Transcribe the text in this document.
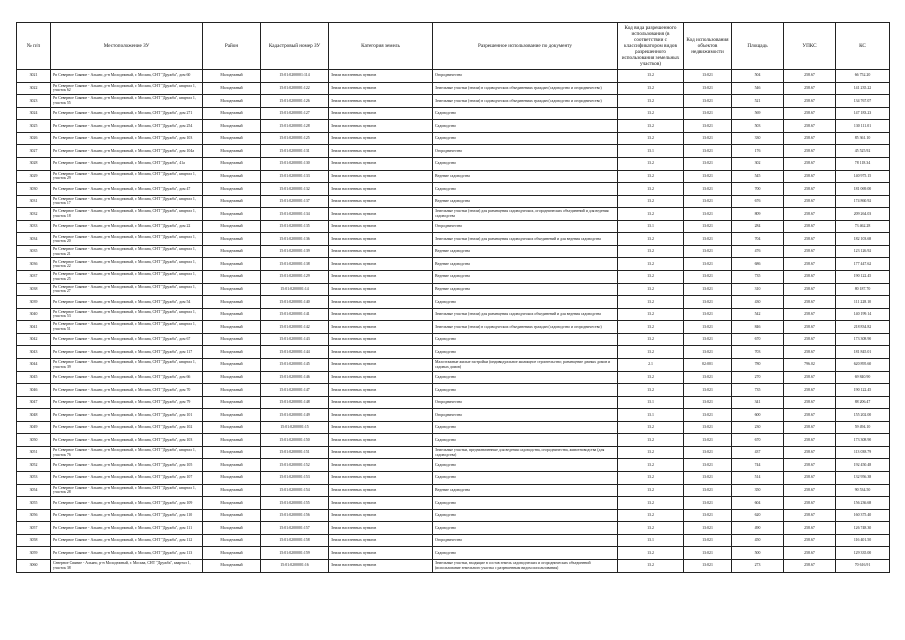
№ п/п	Местоположение ЗУ	Район	Кадастровый номер ЗУ	Категория земель	Разрешенное использование по документу	Код вида разрешенного использования (в соответствии с классификатором видов разрешенного использования земельных участков)	Код использования объектов недвижимости	Площадь	УПКС	КС
3021	Рп Северное Сияние - Альянс, р-н Молодежный, г. Москва, СНТ "Дружба", дом 60	Молодежный	15:01:0200001:114	Земли населенных пунктов	Огородничество	13.2	13:021	504	258.67	66 752.20
3022	Рп Северное Сияние - Альянс, р-н Молодежный, г. Москва, СНТ "Дружба", квартал 1, участок 62	Молодежный	15:01:0200001:122	Земли населенных пунктов	Земельные участки (земли) в садоводческих объединениях граждан (садоводство и огородничество)	13.2	13:021	546	258.67	141 235.22
3023	Рп Северное Сияние - Альянс, р-н Молодежный, г. Москва, СНТ "Дружба", квартал 1, участок 55	Молодежный	15:01:0200001:126	Земли населенных пунктов	Земельные участки (земли) в садоводческих объединениях граждан (садоводство и огородничество)	13.2	13:021	521	258.67	134 767.07
3024	Рп Северное Сияние - Альянс, р-н Молодежный, г. Москва, СНТ "Дружба", дом 271	Молодежный	15:01:0200001:127	Земли населенных пунктов	Садоводство	13.2	13:021	569	258.67	147 183.23
3025	Рп Северное Сияние - Альянс, р-н Молодежный, г. Москва, СНТ "Дружба", дом 254	Молодежный	15:01:0200001:128	Земли населенных пунктов	Садоводство	13.2	13:021	503	258.67	130 111.01
3026	Рп Северное Сияние - Альянс, р-н Молодежный, г. Москва, СНТ "Дружба", дом 103	Молодежный	15:01:0200001:125	Земли населенных пунктов	Садоводство	13.2	13:021	330	258.67	85 361.10
3027	Рп Северное Сияние - Альянс, р-н Молодежный, г. Москва, СНТ "Дружба", дом 104а	Молодежный	15:01:0200001:131	Земли населенных пунктов	Огородничество	13.1	13:021	176	258.67	45 525.92
3028	Рп Северное Сияние - Альянс, р-н Молодежный, г. Москва, СНТ "Дружба", 41а	Молодежный	15:01:0200001:130	Земли населенных пунктов	Садоводство	13.2	13:021	302	258.67	78 118.34
3029	Рп Северное Сияние - Альянс, р-н Молодежный, г. Москва, СНТ "Дружба", квартал 1, участок 29	Молодежный	15:01:0200001:133	Земли населенных пунктов	Ведение садоводства	13.2	13:021	545	258.67	140 975.15
3030	Рп Северное Сияние - Альянс, р-н Молодежный, г. Москва, СНТ "Дружба", дом 47	Молодежный	15:01:0200001:132	Земли населенных пунктов	Садоводство	13.2	13:021	700	258.67	181 069.00
3031	Рп Северное Сияние - Альянс, р-н Молодежный, г. Москва, СНТ "Дружба", квартал 1, участок 17	Молодежный	15:01:0200001:137	Земли населенных пунктов	Ведение садоводства	13.2	13:021	676	258.67	174 860.92
3032	Рп Северное Сияние - Альянс, р-н Молодежный, г. Москва, СНТ "Дружба", квартал 1, участок 18	Молодежный	15:01:0200001:134	Земли населенных пунктов	Земельные участки (земли) для размещения садоводческих, огороднических объединений и для ведения садоводства	13.2	13:021	809	258.67	209 264.03
3033	Рп Северное Сияние - Альянс, р-н Молодежный, г. Москва, СНТ "Дружба", дом 22	Молодежный	15:01:0200001:135	Земли населенных пунктов	Огородничество	13.1	13:021	284	258.67	73 462.28
3034	Рп Северное Сияние - Альянс, р-н Молодежный, г. Москва, СНТ "Дружба", квартал 1, участок 20	Молодежный	15:01:0200001:136	Земли населенных пунктов	Земельные участки (земли) для размещения садоводческих объединений и для ведения садоводства	13.2	13:021	704	258.67	182 103.68
3035	Рп Северное Сияние - Альянс, р-н Молодежный, г. Москва, СНТ "Дружба", квартал 1, участок 21	Молодежный	15:01:0200001:139	Земли населенных пунктов	Ведение садоводства	13.2	13:021	476	258.67	123 126.92
3036	Рп Северное Сияние - Альянс, р-н Молодежный, г. Москва, СНТ "Дружба", квартал 1, участок 22	Молодежный	15:01:0200001:138	Земли населенных пунктов	Ведение садоводства	13.2	13:021	686	258.67	177 447.62
3037	Рп Северное Сияние - Альянс, р-н Молодежный, г. Москва, СНТ "Дружба", квартал 1, участок 25	Молодежный	15:01:0200001:129	Земли населенных пунктов	Ведение садоводства	13.2	13:021	735	258.67	190 122.45
3038	Рп Северное Сияние - Альянс, р-н Молодежный, г. Москва, СНТ "Дружба", квартал 1, участок 27	Молодежный	15:01:0200001:14	Земли населенных пунктов	Ведение садоводства	13.2	13:021	310	258.67	80 187.70
3039	Рп Северное Сияние - Альянс, р-н Молодежный, г. Москва, СНТ "Дружба", дом 54	Молодежный	15:01:0200001:140	Земли населенных пунктов	Садоводство	13.2	13:021	430	258.67	111 228.10
3040	Рп Северное Сияние - Альянс, р-н Молодежный, г. Москва, СНТ "Дружба", квартал 1, участок 53	Молодежный	15:01:0200001:141	Земли населенных пунктов	Земельные участки (земли) для размещения садоводческих объединений и для ведения садоводства	13.2	13:021	542	258.67	140 199.14
3041	Рп Северное Сияние - Альянс, р-н Молодежный, г. Москва, СНТ "Дружба", квартал 1, участок 51	Молодежный	15:01:0200001:142	Земли населенных пунктов	Земельные участки (земли) в садоводческих объединениях граждан (садоводство и огородничество)	13.2	13:021	846	258.67	218 834.82
3042	Рп Северное Сияние - Альянс, р-н Молодежный, г. Москва, СНТ "Дружба", дом 67	Молодежный	15:01:0200001:143	Земли населенных пунктов	Садоводство	13.2	13:021	670	258.67	173 308.90
3043	Рп Северное Сияние - Альянс, р-н Молодежный, г. Москва, СНТ "Дружба", дом 117	Молодежный	15:01:0200001:144	Земли населенных пунктов	Садоводство	13.2	13:021	703	258.67	181 845.01
3044	Рп Северное Сияние - Альянс, р-н Молодежный, г. Москва, СНТ "Дружба", квартал 1, участок 39	Молодежный	15:01:0200001:145	Земли населенных пунктов	Малоэтажные жилые застройки (индивидуальное жилищное строительство; размещение дачных домов и садовых домов)	2.1	02:001	780	796.02	620 895.60
3045	Рп Северное Сияние - Альянс, р-н Молодежный, г. Москва, СНТ "Дружба", дом 66	Молодежный	15:01:0200001:146	Земли населенных пунктов	Садоводство	13.2	13:021	270	258.67	69 840.90
3046	Рп Северное Сияние - Альянс, р-н Молодежный, г. Москва, СНТ "Дружба", дом 70	Молодежный	15:01:0200001:147	Земли населенных пунктов	Садоводство	13.2	13:021	735	258.67	190 122.45
3047	Рп Северное Сияние - Альянс, р-н Молодежный, г. Москва, СНТ "Дружба", дом 79	Молодежный	15:01:0200001:148	Земли населенных пунктов	Огородничество	13.1	13:021	341	258.67	88 206.47
3048	Рп Северное Сияние - Альянс, р-н Молодежный, г. Москва, СНТ "Дружба", дом 101	Молодежный	15:01:0200001:149	Земли населенных пунктов	Огородничество	13.1	13:021	600	258.67	155 202.00
3049	Рп Северное Сияние - Альянс, р-н Молодежный, г. Москва, СНТ "Дружба", дом 102	Молодежный	15:01:0200001:15	Земли населенных пунктов	Садоводство	13.2	13:021	230	258.67	59 494.10
3050	Рп Северное Сияние - Альянс, р-н Молодежный, г. Москва, СНТ "Дружба", дом 103	Молодежный	15:01:0200001:150	Земли населенных пунктов	Садоводство	13.2	13:021	670	258.67	173 308.90
3051	Рп Северное Сияние - Альянс, р-н Молодежный, г. Москва, СНТ "Дружба", квартал 1, участок 76	Молодежный	15:01:0200001:151	Земли населенных пунктов	Земельные участки, предназначенные для ведения садоводства, огородничества, животноводства (для садоводства)	13.2	13:021	437	258.67	113 038.79
3052	Рп Северное Сияние - Альянс, р-н Молодежный, г. Москва, СНТ "Дружба", дом 105	Молодежный	15:01:0200001:152	Земли населенных пунктов	Садоводство	13.2	13:021	744	258.67	192 450.48
3053	Рп Северное Сияние - Альянс, р-н Молодежный, г. Москва, СНТ "Дружба", дом 107	Молодежный	15:01:0200001:153	Земли населенных пунктов	Садоводство	13.2	13:021	514	258.67	132 956.38
3054	Рп Северное Сияние - Альянс, р-н Молодежный, г. Москва, СНТ "Дружба", квартал 1, участок 28	Молодежный	15:01:0200001:154	Земли населенных пунктов	Ведение садоводства	13.2	13:021	350	258.67	90 534.50
3055	Рп Северное Сияние - Альянс, р-н Молодежный, г. Москва, СНТ "Дружба", дом 109	Молодежный	15:01:0200001:155	Земли населенных пунктов	Садоводство	13.2	13:021	604	258.67	156 236.68
3056	Рп Северное Сияние - Альянс, р-н Молодежный, г. Москва, СНТ "Дружба", дом 110	Молодежный	15:01:0200001:156	Земли населенных пунктов	Садоводство	13.2	13:021	620	258.67	160 375.40
3057	Рп Северное Сияние - Альянс, р-н Молодежный, г. Москва, СНТ "Дружба", дом 111	Молодежный	15:01:0200001:157	Земли населенных пунктов	Садоводство	13.2	13:021	490	258.67	126 748.30
3058	Рп Северное Сияние - Альянс, р-н Молодежный, г. Москва, СНТ "Дружба", дом 112	Молодежный	15:01:0200001:158	Земли населенных пунктов	Огородничество	13.1	13:021	450	258.67	116 401.50
3059	Рп Северное Сияние - Альянс, р-н Молодежный, г. Москва, СНТ "Дружба", дом 113	Молодежный	15:01:0200001:159	Земли населенных пунктов	Садоводство	13.2	13:021	500	258.67	129 335.00
3060	Северное Сияние - Альянс, р-н Молодежный, г. Москва, СНТ "Дружба", квартал 1, участок 38	Молодежный	15:01:0200001:16	Земли населенных пунктов	Земельные участки, входящие в состав земель садоводческих и огороднических объединений (использование земельного участка с разрешенным видом использования)	13.2	13:021	273	258.67	70 616.91
